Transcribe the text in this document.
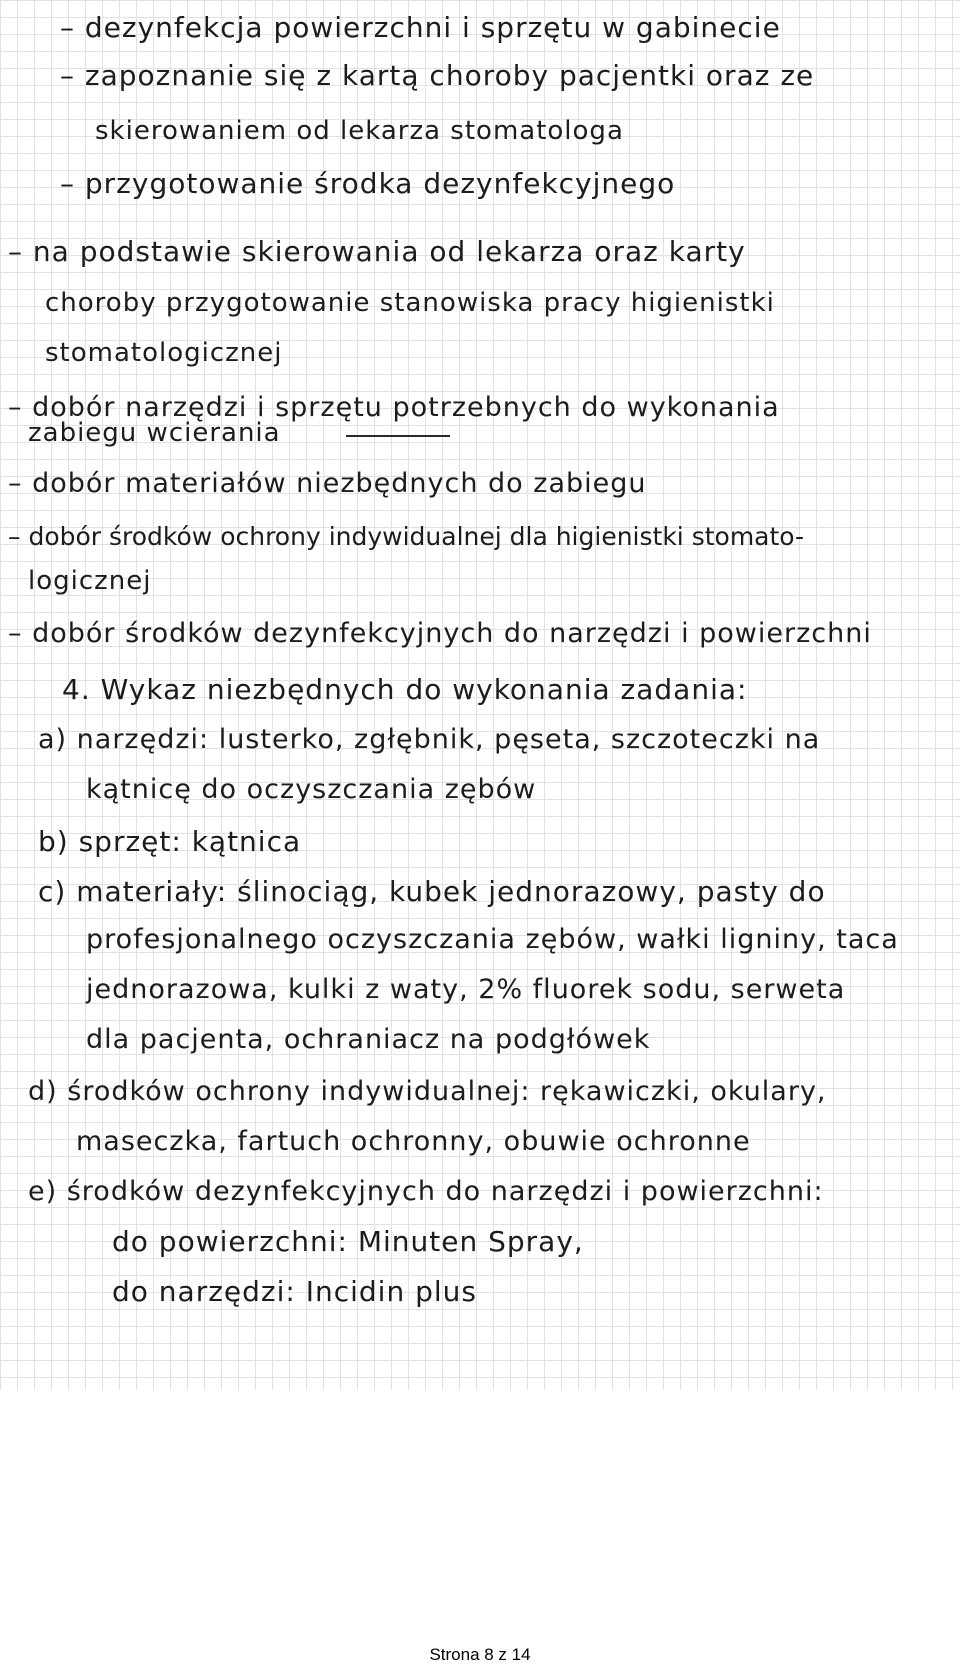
– dezynfekcja powierzchni i sprzętu w gabinecie

– zapoznanie się z kartą choroby pacjentki oraz ze

skierowaniem od lekarza stomatologa

– przygotowanie środka dezynfekcyjnego

– na podstawie skierowania od lekarza oraz karty

choroby przygotowanie stanowiska pracy higienistki

stomatologicznej

– dobór narzędzi i sprzętu potrzebnych do wykonania

zabiegu wcierania

– dobór materiałów niezbędnych do zabiegu

– dobór środków ochrony indywidualnej dla higienistki stomato-

logicznej

– dobór środków dezynfekcyjnych do narzędzi i powierzchni

4. Wykaz niezbędnych do wykonania zadania:

a) narzędzi: lusterko, zgłębnik, pęseta, szczoteczki na

kątnicę do oczyszczania zębów

b) sprzęt: kątnica

c) materiały: ślinociąg, kubek jednorazowy, pasty do

profesjonalnego oczyszczania zębów, wałki ligniny, taca

jednorazowa, kulki z waty, 2% fluorek sodu, serweta

dla pacjenta, ochraniacz na podgłówek

d) środków ochrony indywidualnej: rękawiczki, okulary,

maseczka, fartuch ochronny, obuwie ochronne

e) środków dezynfekcyjnych do narzędzi i powierzchni:

do powierzchni: Minuten Spray,

do narzędzi: Incidin plus

Strona 8 z 14
